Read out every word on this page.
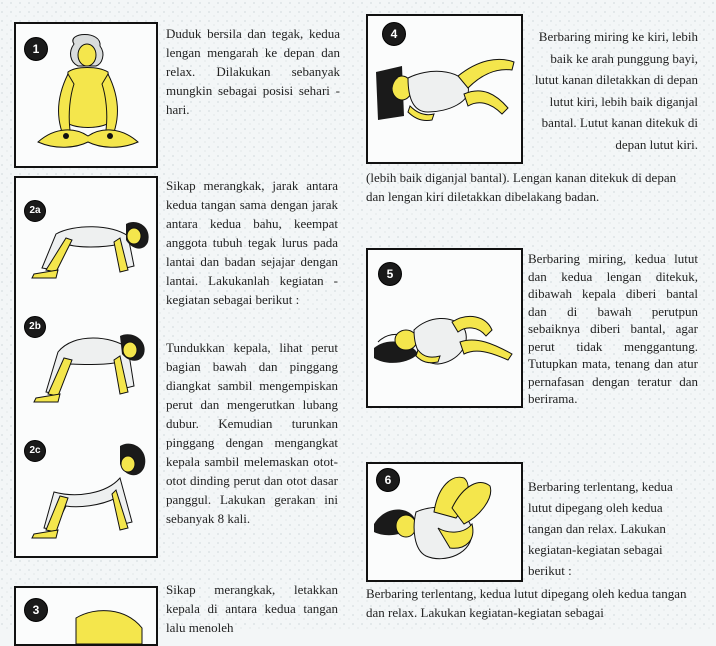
1

Duduk bersila dan tegak, kedua lengan mengarah ke depan dan relax. Dilakukan sebanyak mungkin sebagai posisi sehari - hari.

2a
2b
2c

Sikap merangkak, jarak antara kedua tangan sama dengan jarak antara kedua bahu, keempat anggota tubuh tegak lurus pada lantai dan badan sejajar dengan lantai. Lakukanlah kegiatan - kegiatan sebagai berikut :

Tundukkan kepala, lihat perut bagian bawah dan pinggang diangkat sambil mengempiskan perut dan mengerutkan lubang dubur. Kemudian turunkan pinggang dengan mengangkat kepala sambil melemaskan otot-otot dinding perut dan otot dasar panggul. Lakukan gerakan ini sebanyak 8 kali.

3

Sikap merangkak, letakkan kepala di antara kedua tangan lalu menoleh

4	Berbaring miring ke kiri, lebih baik ke arah punggung bayi, lutut kanan diletakkan di depan lutut kiri, lebih baik diganjal bantal. Lutut kanan ditekuk di depan lutut kiri.

(lebih baik diganjal bantal). Lengan kanan ditekuk di depan dan lengan kiri diletakkan dibelakang badan.

5

Berbaring miring, kedua lutut dan kedua lengan ditekuk, dibawah kepala diberi bantal dan di bawah perutpun sebaiknya diberi bantal, agar perut tidak menggantung. Tutupkan mata, tenang dan atur pernafasan dengan teratur dan berirama.

6	Berbaring terlentang, kedua lutut dipegang oleh kedua tangan dan relax. Lakukan kegiatan-kegiatan sebagai berikut :

Berbaring terlentang, kedua lutut dipegang oleh kedua tangan dan relax. Lakukan kegiatan-kegiatan sebagai
